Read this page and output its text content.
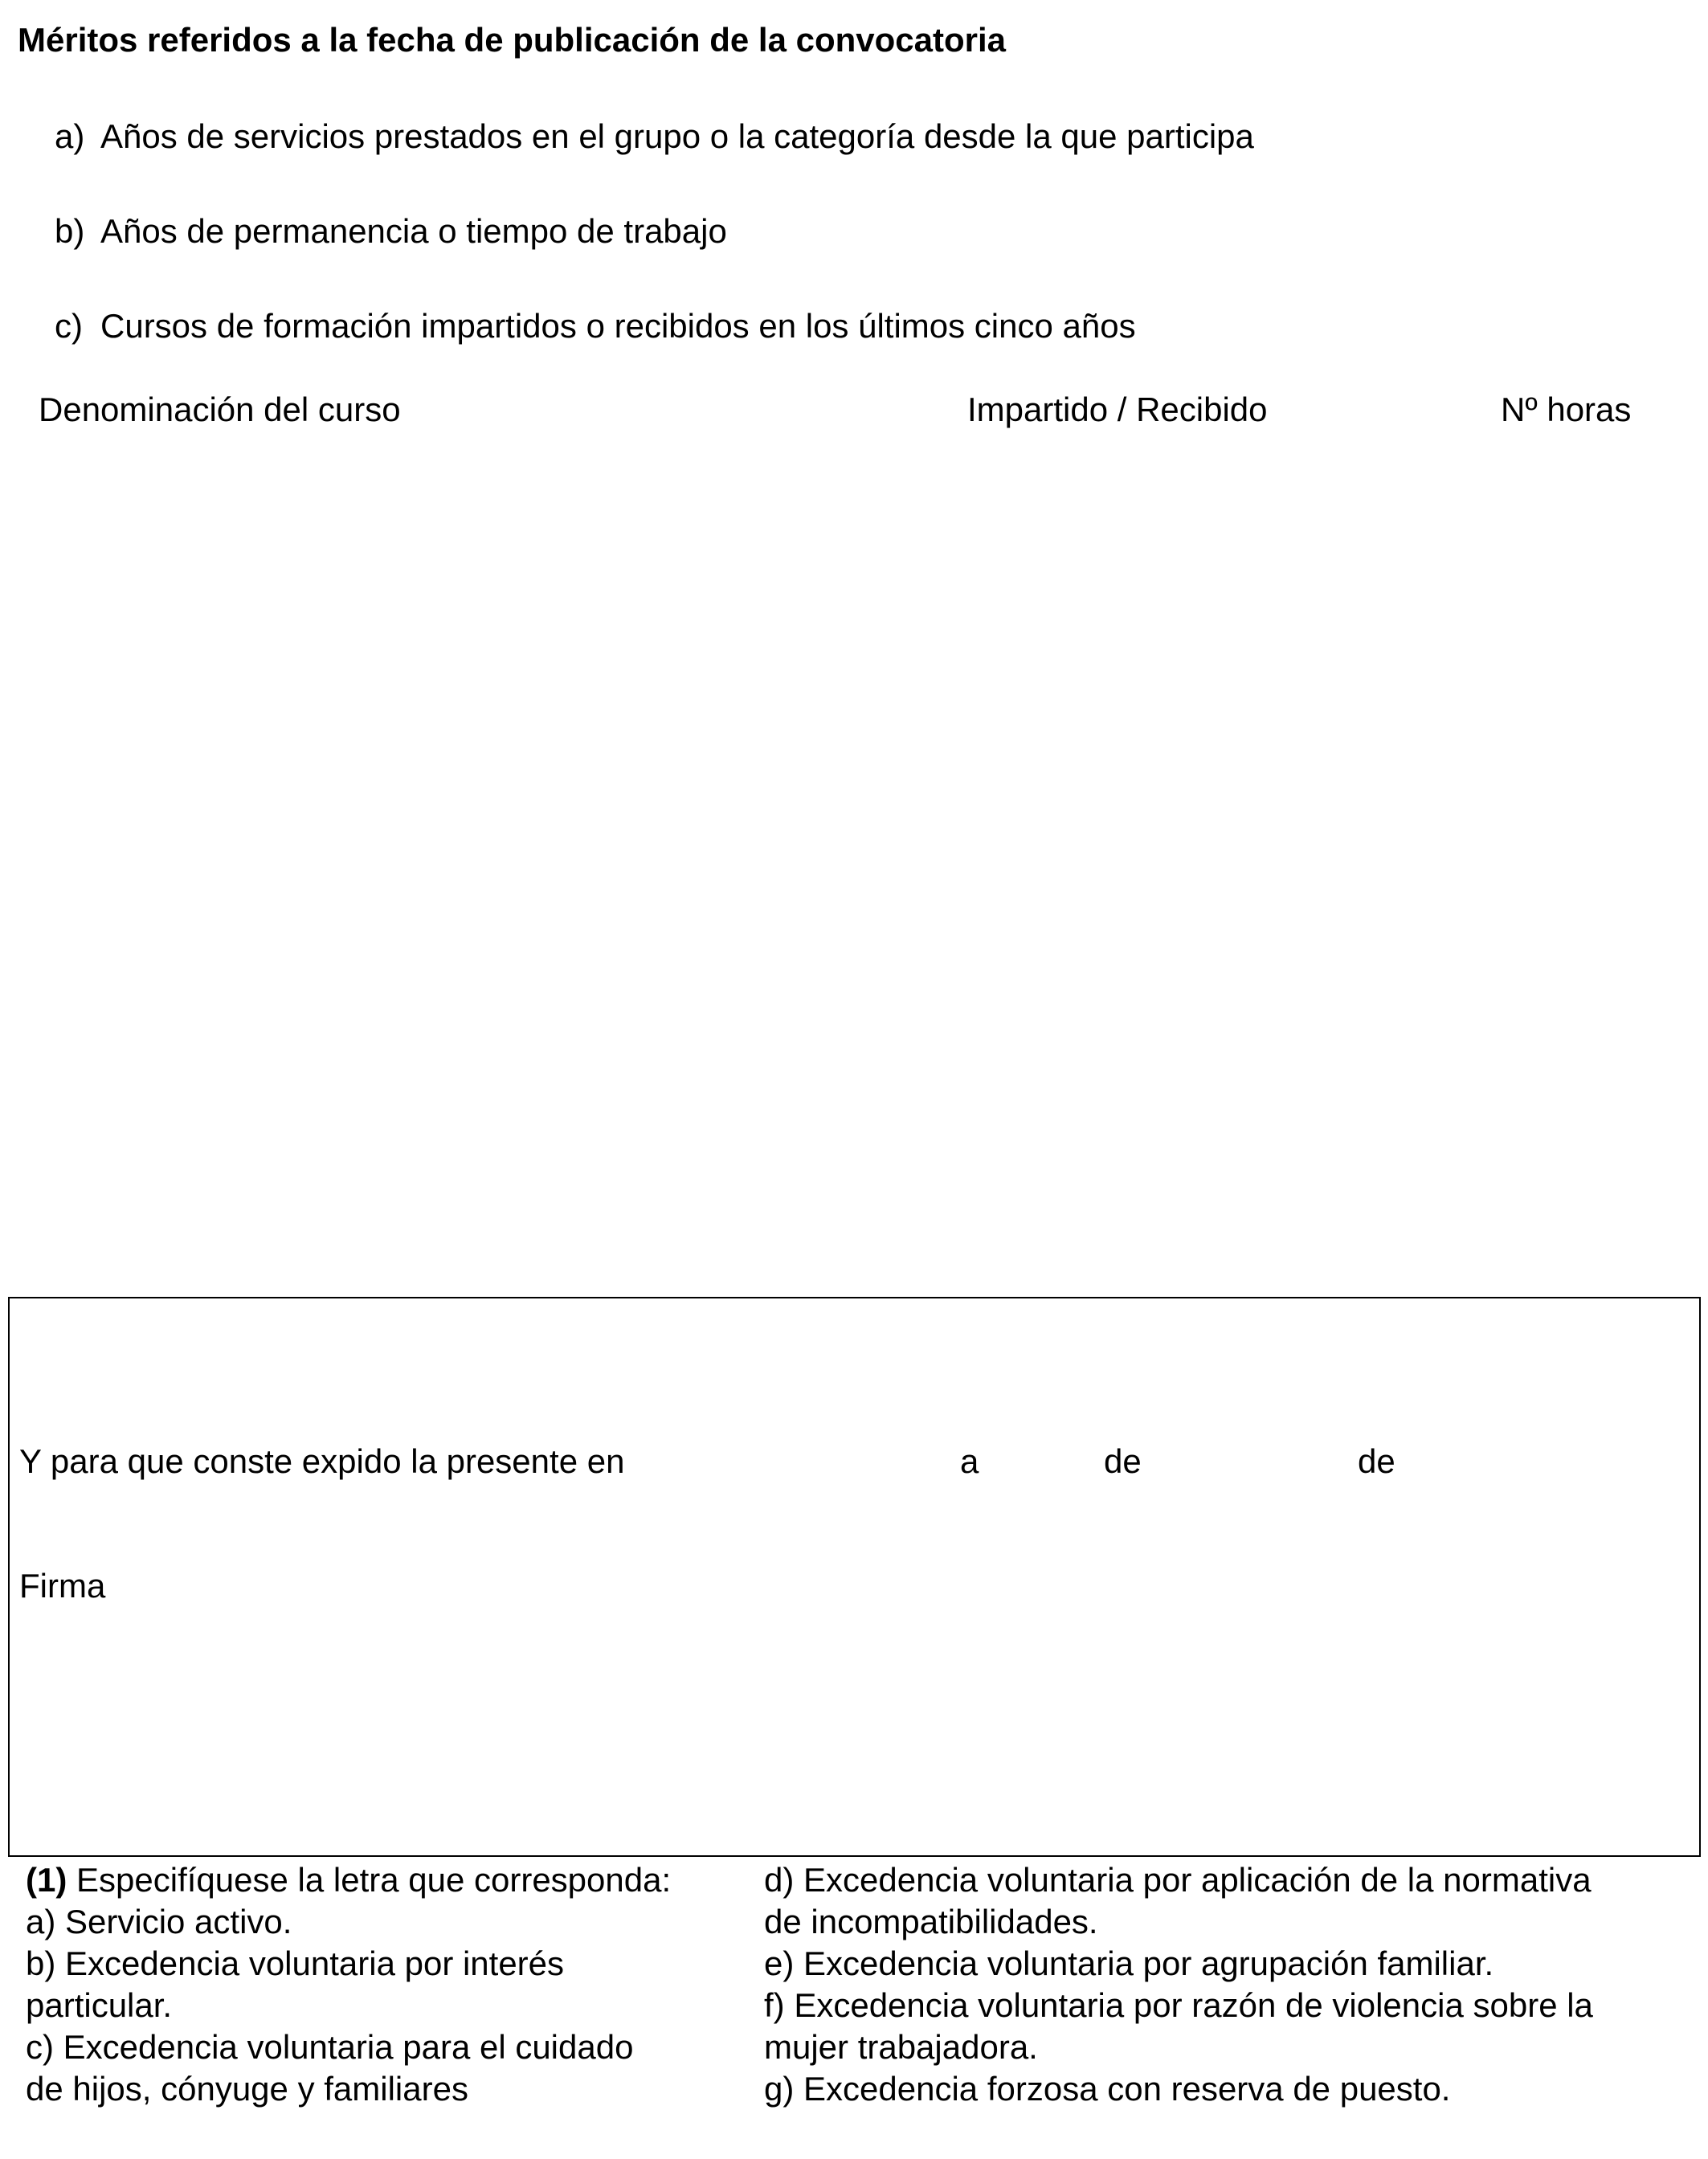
Méritos referidos a la fecha de publicación de la convocatoria
a) Años de servicios prestados en el grupo o la categoría desde la que participa
b) Años de permanencia o tiempo de trabajo
c) Cursos de formación impartidos o recibidos en los últimos cinco años
Denominación del curso	Impartido / Recibido	Nº horas
Y para que conste expido la presente en	a	de	de
Firma
(1) Especifíquese la letra que corresponda:
a) Servicio activo.
b) Excedencia voluntaria por interés
particular.
c) Excedencia voluntaria para el cuidado
de hijos, cónyuge y familiares
d) Excedencia voluntaria por aplicación de la normativa
de incompatibilidades.
e) Excedencia voluntaria por agrupación familiar.
f) Excedencia voluntaria por razón de violencia sobre la
mujer trabajadora.
g) Excedencia forzosa con reserva de puesto.
